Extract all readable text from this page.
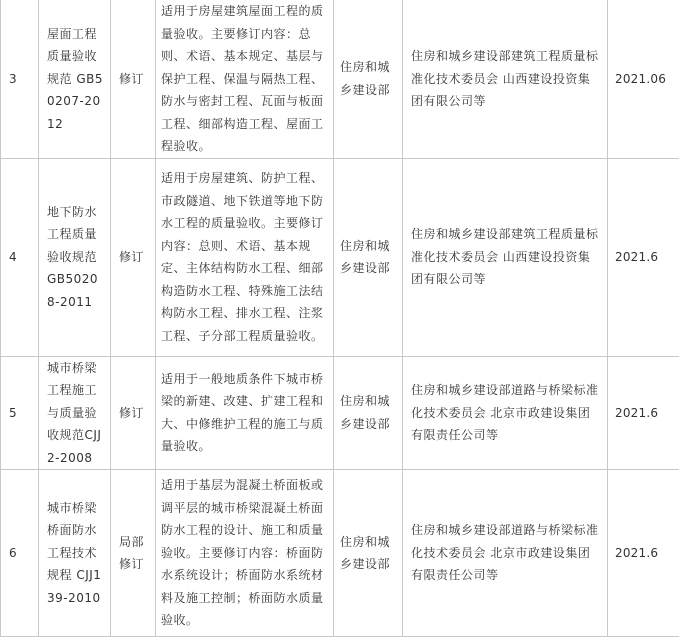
3	屋面工程质量验收规范 GB50207-2012	修订	适用于房屋建筑屋面工程的质量验收。主要修订内容：总则、术语、基本规定、基层与保护工程、保温与隔热工程、防水与密封工程、瓦面与板面工程、细部构造工程、屋面工程验收。	住房和城乡建设部	住房和城乡建设部建筑工程质量标准化技术委员会 山西建设投资集团有限公司等	2021.06
4	地下防水工程质量验收规范GB50208-2011	修订	适用于房屋建筑、防护工程、市政隧道、地下铁道等地下防水工程的质量验收。主要修订内容：总则、术语、基本规定、主体结构防水工程、细部构造防水工程、特殊施工法结构防水工程、排水工程、注浆工程、子分部工程质量验收。	住房和城乡建设部	住房和城乡建设部建筑工程质量标准化技术委员会 山西建设投资集团有限公司等	2021.6
5	城市桥梁工程施工与质量验收规范CJJ2-2008	修订	适用于一般地质条件下城市桥梁的新建、改建、扩建工程和大、中修维护工程的施工与质量验收。	住房和城乡建设部	住房和城乡建设部道路与桥梁标准化技术委员会 北京市政建设集团有限责任公司等	2021.6
6	城市桥梁桥面防水工程技术规程 CJJ139-2010	局部修订	适用于基层为混凝土桥面板或调平层的城市桥梁混凝土桥面防水工程的设计、施工和质量验收。主要修订内容：桥面防水系统设计；桥面防水系统材料及施工控制；桥面防水质量验收。	住房和城乡建设部	住房和城乡建设部道路与桥梁标准化技术委员会 北京市政建设集团有限责任公司等	2021.6
